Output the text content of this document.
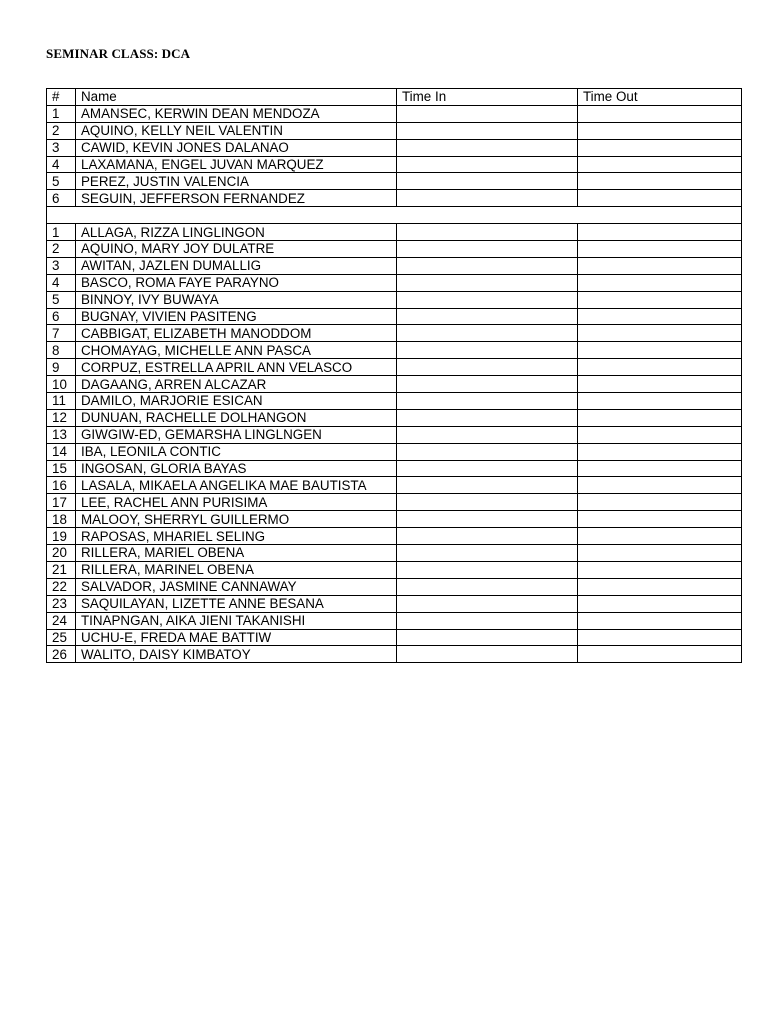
SEMINAR CLASS: DCA
#	Name	Time In	Time Out
1	AMANSEC, KERWIN DEAN MENDOZA		
2	AQUINO, KELLY NEIL VALENTIN		
3	CAWID, KEVIN JONES DALANAO		
4	LAXAMANA, ENGEL JUVAN MARQUEZ		
5	PEREZ, JUSTIN VALENCIA		
6	SEGUIN, JEFFERSON FERNANDEZ		

1	ALLAGA, RIZZA LINGLINGON		
2	AQUINO, MARY JOY DULATRE		
3	AWITAN, JAZLEN DUMALLIG		
4	BASCO, ROMA FAYE PARAYNO		
5	BINNOY, IVY BUWAYA		
6	BUGNAY, VIVIEN PASITENG		
7	CABBIGAT, ELIZABETH MANODDOM		
8	CHOMAYAG, MICHELLE ANN PASCA		
9	CORPUZ, ESTRELLA APRIL ANN VELASCO		
10	DAGAANG, ARREN ALCAZAR		
11	DAMILO, MARJORIE ESICAN		
12	DUNUAN, RACHELLE DOLHANGON		
13	GIWGIW-ED, GEMARSHA LINGLNGEN		
14	IBA, LEONILA CONTIC		
15	INGOSAN, GLORIA BAYAS		
16	LASALA, MIKAELA ANGELIKA MAE BAUTISTA		
17	LEE, RACHEL ANN PURISIMA		
18	MALOOY, SHERRYL GUILLERMO		
19	RAPOSAS, MHARIEL SELING		
20	RILLERA, MARIEL OBENA		
21	RILLERA, MARINEL OBENA		
22	SALVADOR, JASMINE CANNAWAY		
23	SAQUILAYAN, LIZETTE ANNE BESANA		
24	TINAPNGAN, AIKA JIENI TAKANISHI		
25	UCHU-E, FREDA MAE BATTIW		
26	WALITO, DAISY KIMBATOY		
